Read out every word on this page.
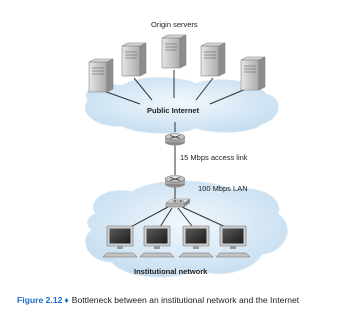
Origin servers
Public Internet
15 Mbps access link
100 Mbps LAN
Institutional network
Figure 2.12 ♦ Bottleneck between an institutional network and the Internet
